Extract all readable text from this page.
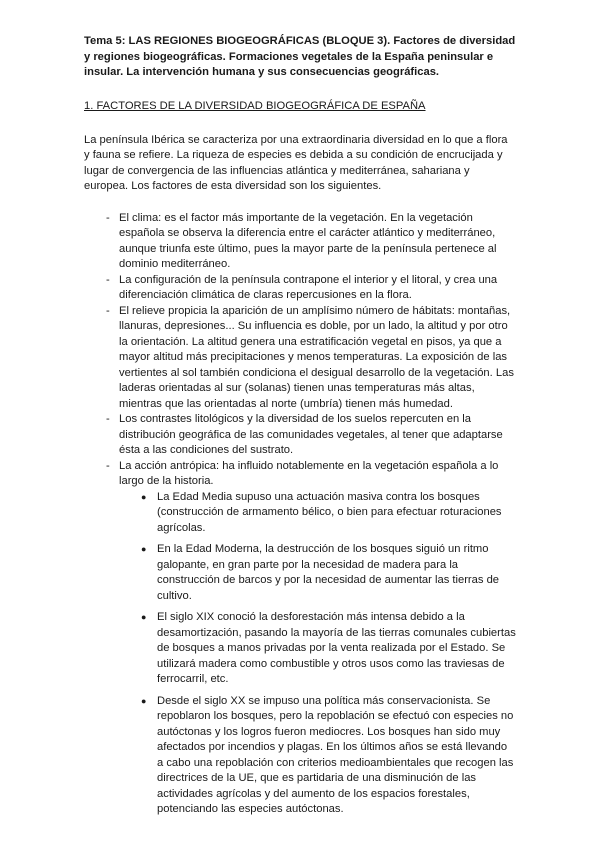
Tema 5: LAS REGIONES BIOGEOGRÁFICAS (BLOQUE 3). Factores de diversidad y regiones biogeográficas. Formaciones vegetales de la España peninsular e insular. La intervención humana y sus consecuencias geográficas.

1. FACTORES DE LA DIVERSIDAD BIOGEOGRÁFICA DE ESPAÑA

La península Ibérica se caracteriza por una extraordinaria diversidad en lo que a flora y fauna se refiere. La riqueza de especies es debida a su condición de encrucijada y lugar de convergencia de las influencias atlántica y mediterránea, sahariana y europea. Los factores de esta diversidad son los siguientes.

- El clima: es el factor más importante de la vegetación. En la vegetación española se observa la diferencia entre el carácter atlántico y mediterráneo, aunque triunfa este último, pues la mayor parte de la península pertenece al dominio mediterráneo.
- La configuración de la península contrapone el interior y el litoral, y crea una diferenciación climática de claras repercusiones en la flora.
- El relieve propicia la aparición de un amplísimo número de hábitats: montañas, llanuras, depresiones... Su influencia es doble, por un lado, la altitud y por otro la orientación. La altitud genera una estratificación vegetal en pisos, ya que a mayor altitud más precipitaciones y menos temperaturas. La exposición de las vertientes al sol también condiciona el desigual desarrollo de la vegetación. Las laderas orientadas al sur (solanas) tienen unas temperaturas más altas, mientras que las orientadas al norte (umbría) tienen más humedad.
- Los contrastes litológicos y la diversidad de los suelos repercuten en la distribución geográfica de las comunidades vegetales, al tener que adaptarse ésta a las condiciones del sustrato.
- La acción antrópica: ha influido notablemente en la vegetación española a lo largo de la historia.
● La Edad Media supuso una actuación masiva contra los bosques (construcción de armamento bélico, o bien para efectuar roturaciones agrícolas.
● En la Edad Moderna, la destrucción de los bosques siguió un ritmo galopante, en gran parte por la necesidad de madera para la construcción de barcos y por la necesidad de aumentar las tierras de cultivo.
● El siglo XIX conoció la desforestación más intensa debido a la desamortización, pasando la mayoría de las tierras comunales cubiertas de bosques a manos privadas por la venta realizada por el Estado. Se utilizará madera como combustible y otros usos como las traviesas de ferrocarril, etc.
● Desde el siglo XX se impuso una política más conservacionista. Se repoblaron los bosques, pero la repoblación se efectuó con especies no autóctonas y los logros fueron mediocres. Los bosques han sido muy afectados por incendios y plagas. En los últimos años se está llevando a cabo una repoblación con criterios medioambientales que recogen las directrices de la UE, que es partidaria de una disminución de las actividades agrícolas y del aumento de los espacios forestales, potenciando las especies autóctonas.
